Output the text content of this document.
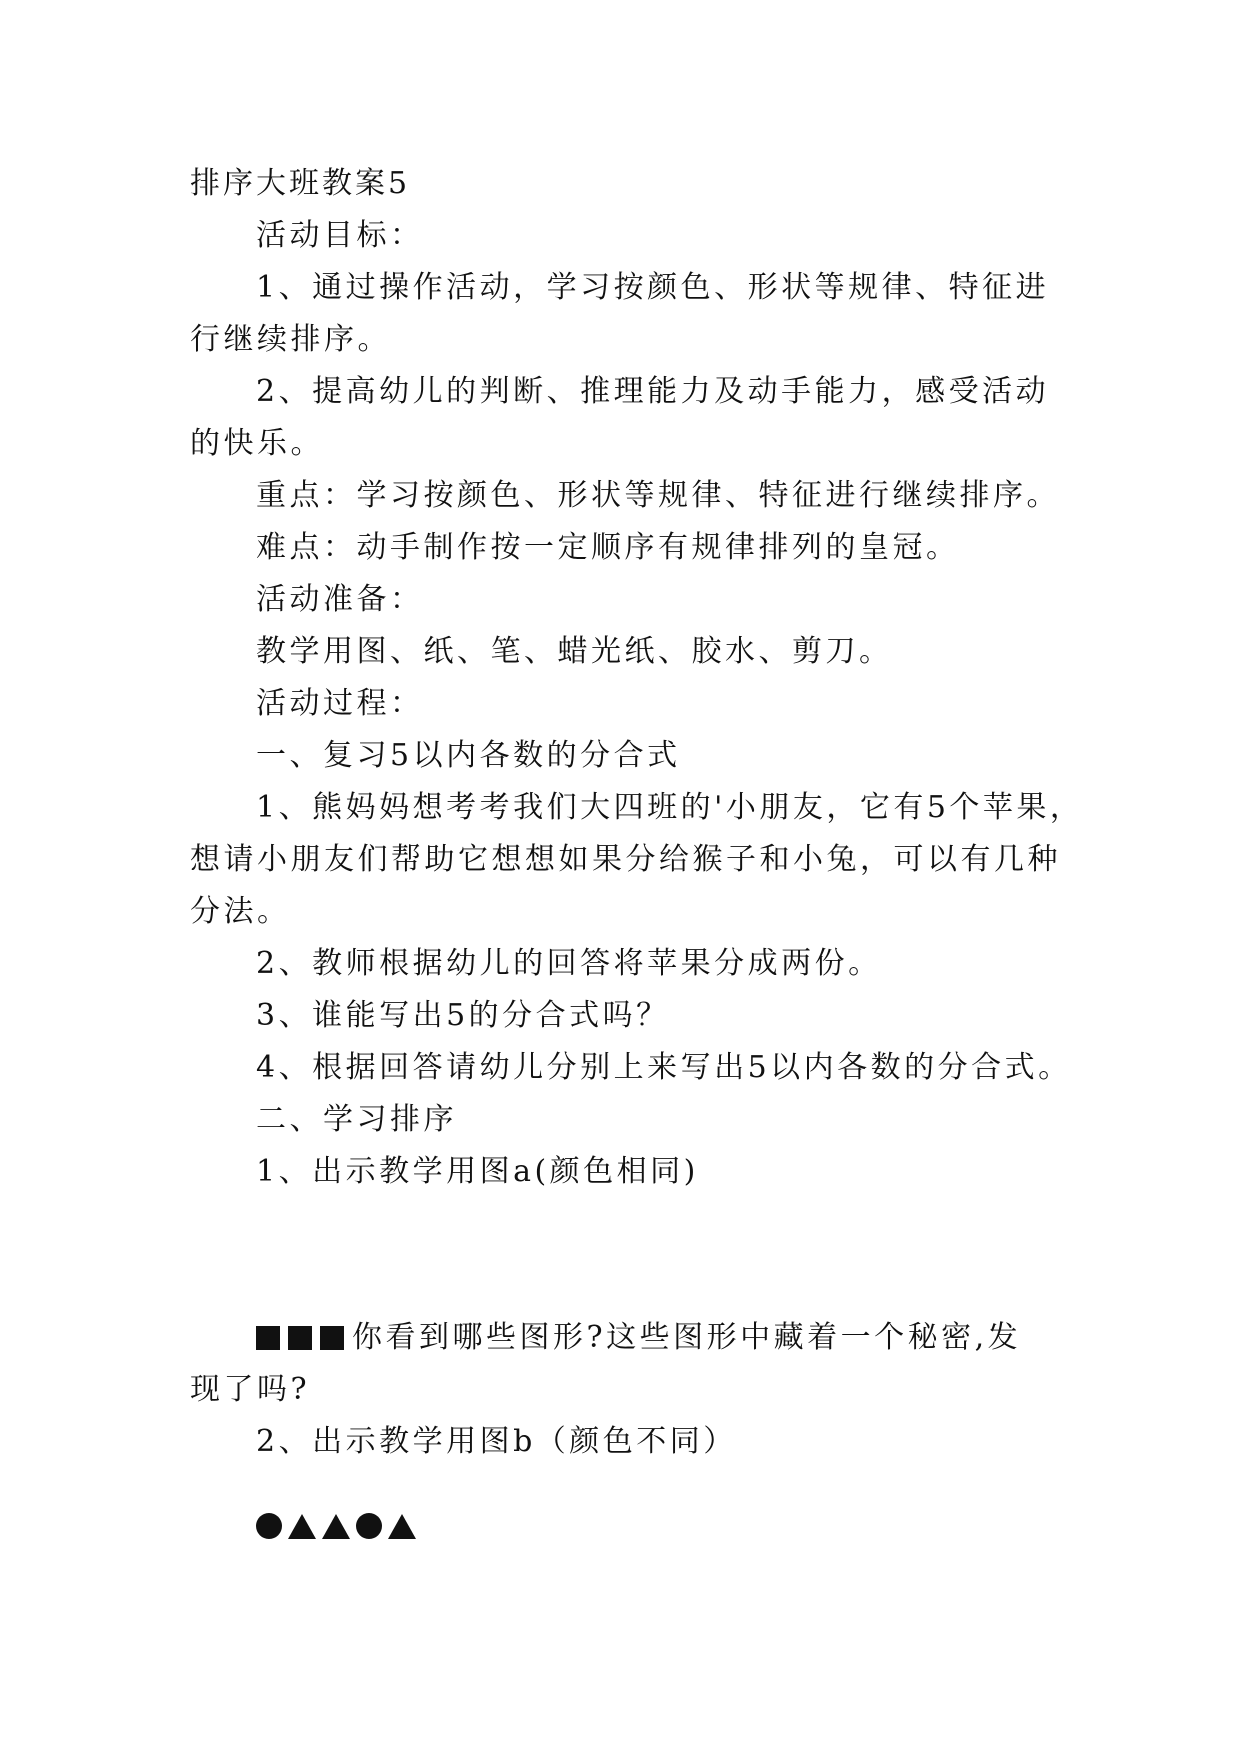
排序大班教案5

活动目标：

1、通过操作活动，学习按颜色、形状等规律、特征进

行继续排序。

2、提高幼儿的判断、推理能力及动手能力，感受活动

的快乐。

重点：学习按颜色、形状等规律、特征进行继续排序。

难点：动手制作按一定顺序有规律排列的皇冠。

活动准备：

教学用图、纸、笔、蜡光纸、胶水、剪刀。

活动过程：

一、复习5以内各数的分合式

1、熊妈妈想考考我们大四班的'小朋友，它有5个苹果，

想请小朋友们帮助它想想如果分给猴子和小兔，可以有几种

分法。

2、教师根据幼儿的回答将苹果分成两份。

3、谁能写出5的分合式吗？

4、根据回答请幼儿分别上来写出5以内各数的分合式。

二、学习排序

1、出示教学用图a(颜色相同)

你看到哪些图形?这些图形中藏着一个秘密,发

现了吗?

2、出示教学用图b（颜色不同）
